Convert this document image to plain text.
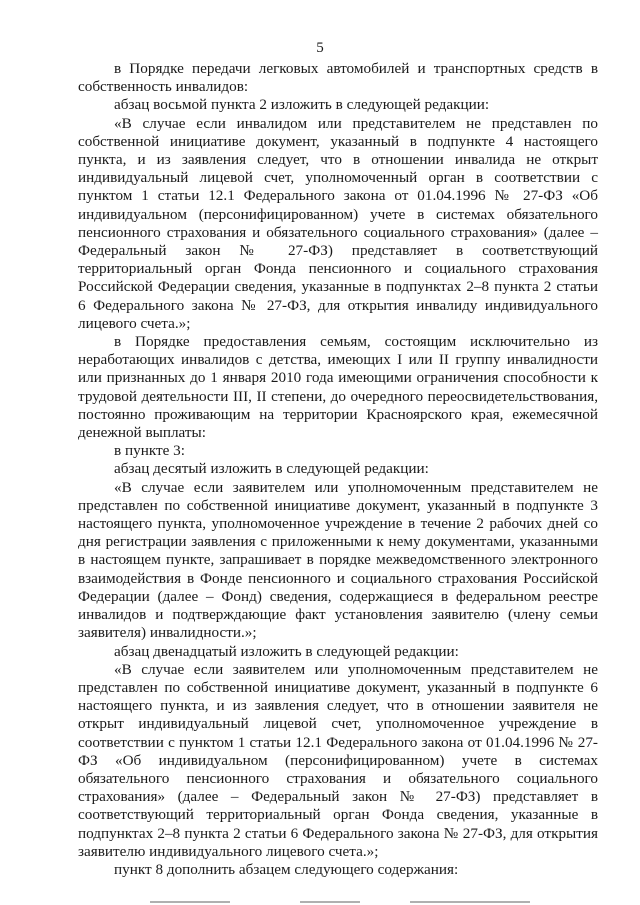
5

в Порядке передачи легковых автомобилей и транспортных средств в собственность инвалидов:

абзац восьмой пункта 2 изложить в следующей редакции:

«В случае если инвалидом или представителем не представлен по собственной инициативе документ, указанный в подпункте 4 настоящего пункта, и из заявления следует, что в отношении инвалида не открыт индивидуальный лицевой счет, уполномоченный орган в соответствии с пунктом 1 статьи 12.1 Федерального закона от 01.04.1996 № 27-ФЗ «Об индивидуальном (персонифицированном) учете в системах обязательного пенсионного страхования и обязательного социального страхования» (далее – Федеральный закон № 27-ФЗ) представляет в соответствующий территориальный орган Фонда пенсионного и социального страхования Российской Федерации сведения, указанные в подпунктах 2–8 пункта 2 статьи 6 Федерального закона № 27-ФЗ, для открытия инвалиду индивидуального лицевого счета.»;

в Порядке предоставления семьям, состоящим исключительно из неработающих инвалидов с детства, имеющих I или II группу инвалидности или признанных до 1 января 2010 года имеющими ограничения способности к трудовой деятельности III, II степени, до очередного переосвидетельствования, постоянно проживающим на территории Красноярского края, ежемесячной денежной выплаты:

в пункте 3:

абзац десятый изложить в следующей редакции:

«В случае если заявителем или уполномоченным представителем не представлен по собственной инициативе документ, указанный в подпункте 3 настоящего пункта, уполномоченное учреждение в течение 2 рабочих дней со дня регистрации заявления с приложенными к нему документами, указанными в настоящем пункте, запрашивает в порядке межведомственного электронного взаимодействия в Фонде пенсионного и социального страхования Российской Федерации (далее – Фонд) сведения, содержащиеся в федеральном реестре инвалидов и подтверждающие факт установления заявителю (члену семьи заявителя) инвалидности.»;

абзац двенадцатый изложить в следующей редакции:

«В случае если заявителем или уполномоченным представителем не представлен по собственной инициативе документ, указанный в подпункте 6 настоящего пункта, и из заявления следует, что в отношении заявителя не открыт индивидуальный лицевой счет, уполномоченное учреждение в соответствии с пунктом 1 статьи 12.1 Федерального закона от 01.04.1996 № 27-ФЗ «Об индивидуальном (персонифицированном) учете в системах обязательного пенсионного страхования и обязательного социального страхования» (далее – Федеральный закон № 27-ФЗ) представляет в соответствующий территориальный орган Фонда сведения, указанные в подпунктах 2–8 пункта 2 статьи 6 Федерального закона № 27-ФЗ, для открытия заявителю индивидуального лицевого счета.»;

пункт 8 дополнить абзацем следующего содержания:
